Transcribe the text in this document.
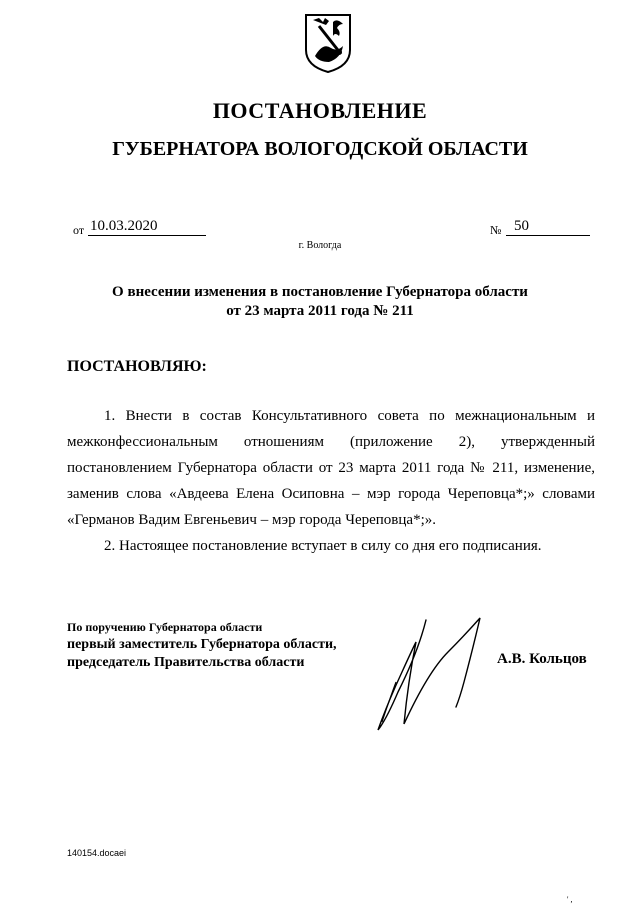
ПОСТАНОВЛЕНИЕ
ГУБЕРНАТОРА ВОЛОГОДСКОЙ ОБЛАСТИ
от 10.03.2020	№ 50
г. Вологда
О внесении изменения в постановление Губернатора области
от 23 марта 2011 года № 211
ПОСТАНОВЛЯЮ:

1. Внести в состав Консультативного совета по межнациональным и межконфессиональным отношениям (приложение 2), утвержденный постановлением Губернатора области от 23 марта 2011 года № 211, изменение, заменив слова «Авдеева Елена Осиповна – мэр города Череповца*;» словами «Германов Вадим Евгеньевич – мэр города Череповца*;».

2. Настоящее постановление вступает в силу со дня его подписания.

По поручению Губернатора области
первый заместитель Губернатора области,
председатель Правительства области	А.В. Кольцов
140154.docaei
' ,
